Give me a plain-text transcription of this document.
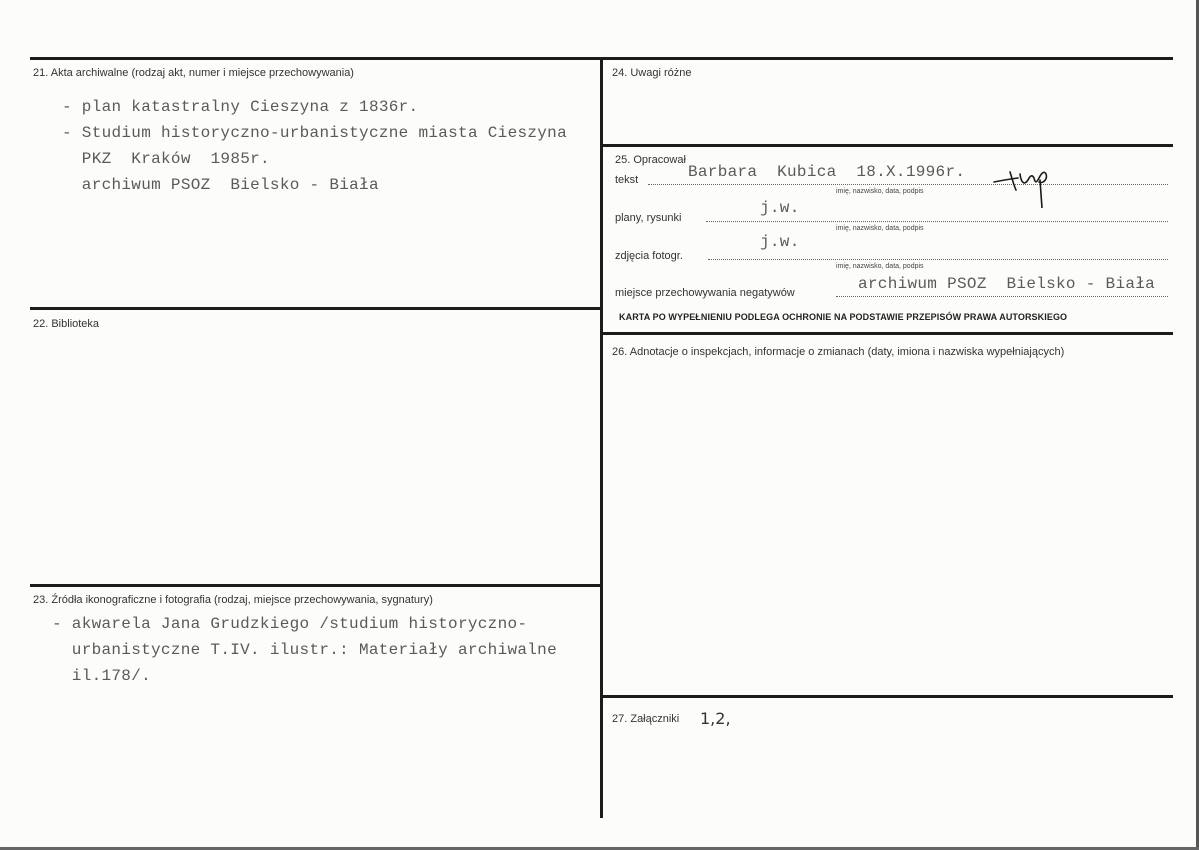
21. Akta archiwalne (rodzaj akt, numer i miejsce przechowywania)
- plan katastralny Cieszyna z 1836r.
- Studium historyczno-urbanistyczne miasta Cieszyna
PKZ  Kraków  1985r.
archiwum PSOZ  Bielsko - Biała
22. Biblioteka
23. Źródła ikonograficzne i fotografia (rodzaj, miejsce przechowywania, sygnatury)
- akwarela Jana Grudzkiego /studium historyczno-
urbanistyczne T.IV. ilustr.: Materiały archiwalne
il.178/.
24. Uwagi różne
25. Opracował
tekst	Barbara  Kubica  18.X.1996r.
imię, nazwisko, data, podpis
plany, rysunki
j.w.
imię, nazwisko, data, podpis
zdjęcia fotogr.
j.w.
imię, nazwisko, data, podpis
miejsce przechowywania negatywów	archiwum PSOZ  Bielsko - Biała
KARTA PO WYPEŁNIENIU PODLEGA OCHRONIE NA PODSTAWIE PRZEPISÓW PRAWA AUTORSKIEGO
26. Adnotacje o inspekcjach, informacje o zmianach (daty, imiona i nazwiska wypełniających)
27. Załączniki 1,2,
